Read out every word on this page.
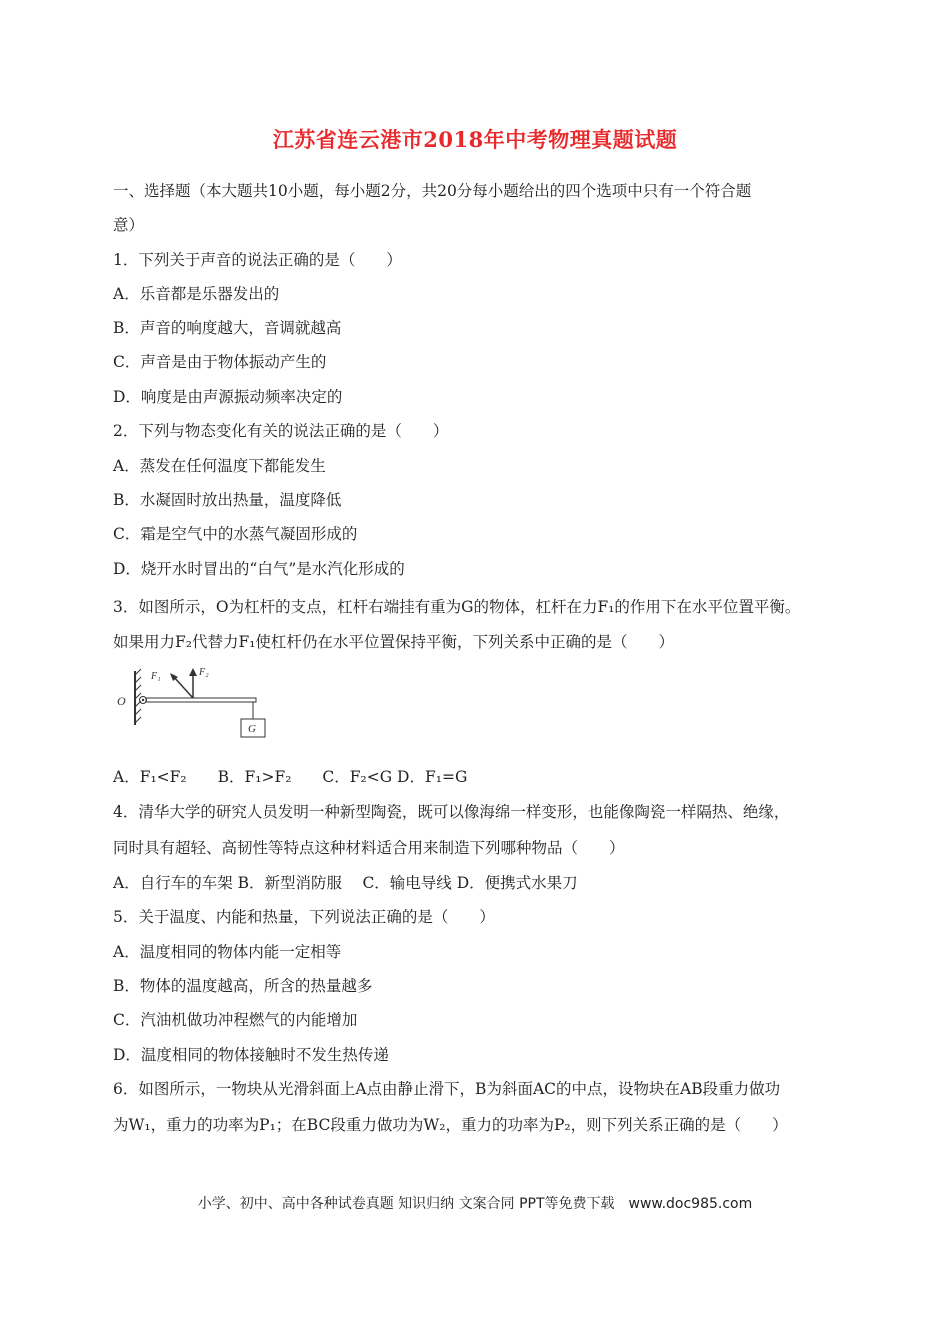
江苏省连云港市2018年中考物理真题试题
一、选择题（本大题共10小题，每小题2分，共20分每小题给出的四个选项中只有一个符合题
意）
1．下列关于声音的说法正确的是（　　）
A．乐音都是乐器发出的
B．声音的响度越大，音调就越高
C．声音是由于物体振动产生的
D．响度是由声源振动频率决定的
2．下列与物态变化有关的说法正确的是（　　）
A．蒸发在任何温度下都能发生
B．水凝固时放出热量，温度降低
C．霜是空气中的水蒸气凝固形成的
D．烧开水时冒出的“白气”是水汽化形成的
3．如图所示，O为杠杆的支点，杠杆右端挂有重为G的物体，杠杆在力F₁的作用下在水平位置平衡。
如果用力F₂代替力F₁使杠杆仍在水平位置保持平衡，下列关系中正确的是（　　）
O
F₁	F₂
G
A．F₁<F₂　　B．F₁>F₂　　C．F₂<G D．F₁=G
4．清华大学的研究人员发明一种新型陶瓷，既可以像海绵一样变形，也能像陶瓷一样隔热、绝缘，
同时具有超轻、高韧性等特点这种材料适合用来制造下列哪种物品（　　）
A．自行车的车架 B．新型消防服　 C．输电导线 D．便携式水果刀
5．关于温度、内能和热量，下列说法正确的是（　　）
A．温度相同的物体内能一定相等
B．物体的温度越高，所含的热量越多
C．汽油机做功冲程燃气的内能增加
D．温度相同的物体接触时不发生热传递
6．如图所示，一物块从光滑斜面上A点由静止滑下，B为斜面AC的中点，设物块在AB段重力做功
为W₁，重力的功率为P₁；在BC段重力做功为W₂，重力的功率为P₂，则下列关系正确的是（　　）
小学、初中、高中各种试卷真题 知识归纳 文案合同 PPT等免费下载　www.doc985.com
